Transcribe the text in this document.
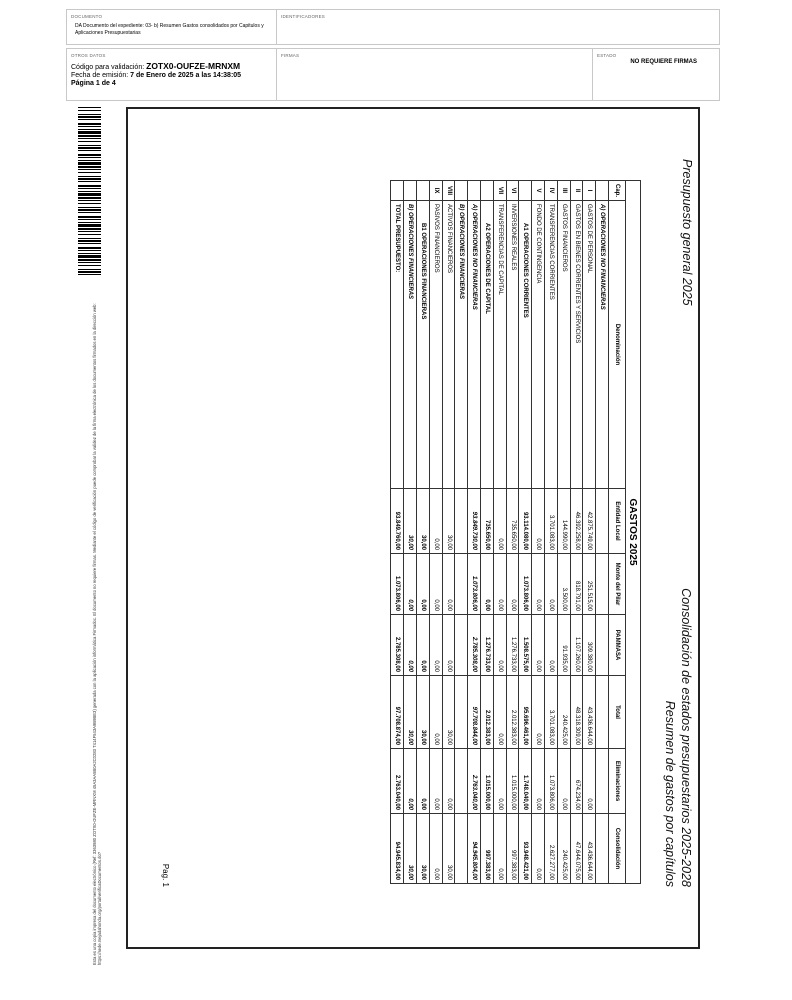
DOCUMENTO
DA Documento del expediente: 03- b) Resumen Gastos consolidados por Capitulos y Aplicaciones Presupuestarias
IDENTIFICADORES
OTROS DATOS
Código para validación: ZOTX0-OUFZE-MRNXM
Fecha de emisión: 7 de Enero de 2025 a las 14:38:05
Página 1 de 4
FIRMAS	ESTADO
NO REQUIERE FIRMAS
Esta es una copia impresa del documento electrónico (Ref: 3363980 ZOTX0-OUFZE-MRNXM 45A3AA5B0A2C0283 T414F543A9B9BE3) generada con la aplicación informática Firmadoc. El documento no requiere firmas. Mediante el código de verificación puede comprobar la validez de la firma electrónica de los documentos firmados en la dirección web: https://sede.mejadahonda.org/portal/verificaDocumentos.do?
Presupuesto general 2025
Consolidación de estados presupuestarios 2025-2028
Resumen de gastos por capítulos
GASTOS 2025							
Cap.	Denominación	Entidad Local	Monte del Pilar	PAMMASA	Total	Eliminaciones	Consolidación
	A) OPERACIONES NO FINANCIERAS						
I	GASTOS DE PERSONAL	42.875.749,00	251.515,00	309.380,00	43.436.644,00	0,00	43.436.644,00
II	GASTOS EN BIENES CORRIENTES Y SERVICIOS	46.392.258,00	818.791,00	1.107.260,00	48.318.309,00	674.234,00	47.644.075,00
III	GASTOS FINANCIEROS	144.990,00	3.500,00	91.935,00	240.425,00	0,00	240.425,00
IV	TRANSFERENCIAS CORRIENTES	3.701.083,00	0,00	0,00	3.701.083,00	1.073.806,00	2.627.277,00
V	FONDO DE CONTINGENCIA	0,00	0,00	0,00	0,00	0,00	0,00
	A1 OPERACIONES CORRIENTES	93.114.080,00	1.073.806,00	1.508.575,00	95.696.461,00	1.748.040,00	93.948.421,00
VI	INVERSIONES REALES	735.650,00	0,00	1.276.733,00	2.012.383,00	1.015.000,00	997.383,00
VII	TRANSFERENCIAS DE CAPITAL	0,00	0,00	0,00	0,00	0,00	0,00
	A2 OPERACIONES DE CAPITAL	735.650,00	0,00	1.276.733,00	2.012.383,00	1.015.000,00	997.383,00
	A) OPERACIONES NO FINANCIERAS	93.849.730,00	1.073.806,00	2.785.308,00	97.708.844,00	2.763.040,00	94.945.804,00
	B) OPERACIONES FINANCIERAS						
VIII	ACTIVOS FINANCIEROS	30,00	0,00	0,00	30,00	0,00	30,00
IX	PASIVOS FINANCIEROS	0,00	0,00	0,00	0,00	0,00	0,00
	B1 OPERACIONES FINANCIERAS	30,00	0,00	0,00	30,00	0,00	30,00
	B) OPERACIONES FINANCIERAS	30,00	0,00	0,00	30,00	0,00	30,00
	TOTAL PRESUPUESTO:	93.849.760,00	1.073.806,00	2.785.308,00	97.708.874,00	2.763.040,00	94.945.834,00
Pag. 1
